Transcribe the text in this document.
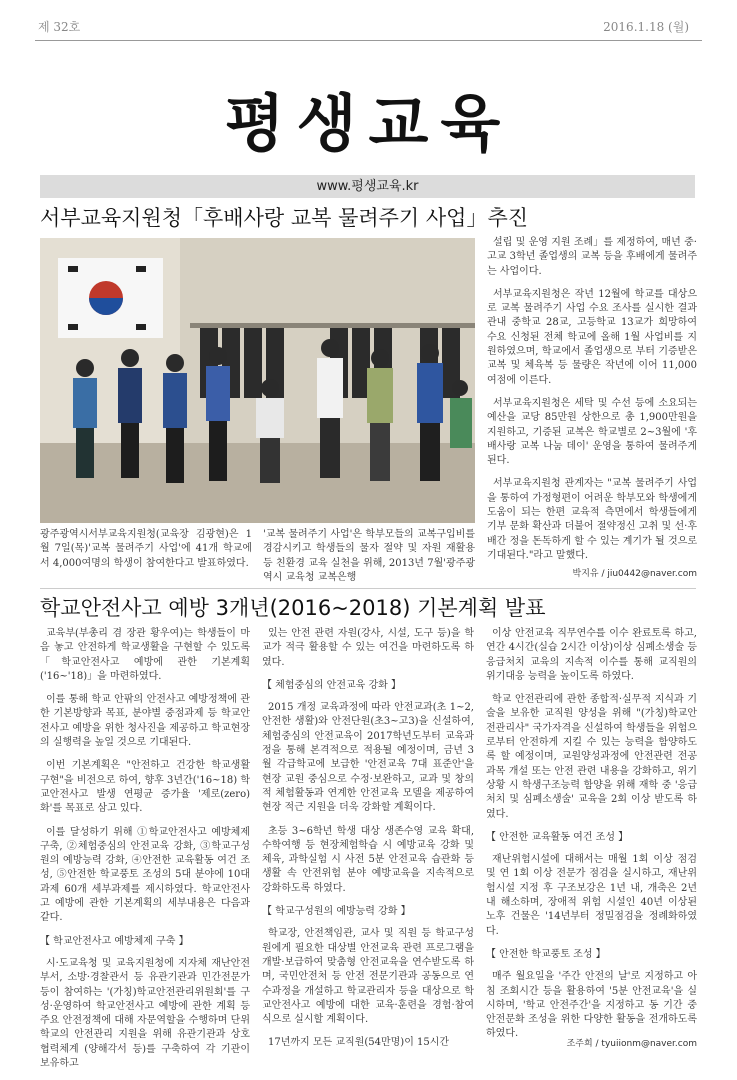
제 32호	2016.1.18 (월)
평생교육
www.평생교육.kr
서부교육지원청「후배사랑 교복 물려주기 사업」추진

광주광역시서부교육지원청(교육장 김광현)은 1월 7일(목)'교복 물려주기 사업'에 41개 학교에서 4,000여명의 학생이 참여한다고 발표하였다.

'교복 물려주기 사업'은 학부모들의 교복구입비를 경감시키고 학생들의 물자 절약 및 자원 재활용 등 친환경 교육 실천을 위해, 2013년 7월'광주광역시 교육청 교복은행

설립 및 운영 지원 조례」를 제정하여, 매년 중·고교 3학년 졸업생의 교복 등을 후배에게 물려주는 사업이다.

서부교육지원청은 작년 12월에 학교를 대상으로 교복 물려주기 사업 수요 조사를 실시한 결과 관내 중학교 28교, 고등학교 13교가 희망하여 수요 신청된 전체 학교에 올해 1월 사업비를 지원하였으며, 학교에서 졸업생으로 부터 기증받은 교복 및 체육복 등 물량은 작년에 이어 11,000여점에 이른다.

서부교육지원청은 세탁 및 수선 등에 소요되는 예산을 교당 85만원 상한으로 총 1,900만원을 지원하고, 기증된 교복은 학교별로 2~3월에 '후배사랑 교복 나눔 데이' 운영을 통하여 물려주게 된다.

서부교육지원청 관계자는 "교복 물려주기 사업을 통하여 가정형편이 어려운 학부모와 학생에게 도움이 되는 한편 교육적 측면에서 학생들에게 기부 문화 확산과 더불어 절약정신 고취 및 선·후배간 정을 돈독하게 할 수 있는 계기가 될 것으로 기대된다."라고 말했다.

박지유 / jiu0442@naver.com
학교안전사고 예방 3개년(2016~2018) 기본계획 발표

교육부(부총리 겸 장관 황우여)는 학생들이 마음 놓고 안전하게 학교생활을 구현할 수 있도록「학교안전사고 예방에 관한 기본계획('16~'18)」을 마련하였다.

이를 통해 학교 안팎의 안전사고 예방정책에 관한 기본방향과 목표, 분야별 중점과제 등 학교안전사고 예방을 위한 청사진을 제공하고 학교현장의 실행력을 높일 것으로 기대된다.

이번 기본계획은 "안전하고 건강한 학교생활 구현"을 비전으로 하여, 향후 3년간('16~18) 학교안전사고 발생 연평균 증가율 '제로(zero)화'를 목표로 삼고 있다.

이를 달성하기 위해 ①학교안전사고 예방체제 구축, ②체험중심의 안전교육 강화, ③학교구성원의 예방능력 강화, ④안전한 교육활동 여건 조성, ⑤안전한 학교풍토 조성의 5대 분야에 10대 과제 60개 세부과제를 제시하였다. 학교안전사고 예방에 관한 기본계획의 세부내용은 다음과 같다.

【 학교안전사고 예방체제 구축 】

시·도교육청 및 교육지원청에 지자체 재난안전 부서, 소방·경찰관서 등 유관기관과 민간전문가 등이 참여하는 '(가칭)학교안전관리위원회'를 구성·운영하여 학교안전사고 예방에 관한 계획 등 주요 안전정책에 대해 자문역할을 수행하며 단위학교의 안전관리 지원을 위해 유관기관과 상호 협력체계 (양해각서 등)를 구축하여 각 기관이 보유하고

있는 안전 관련 자원(강사, 시설, 도구 등)을 학교가 적극 활용할 수 있는 여건을 마련하도록 하였다.

【 체험중심의 안전교육 강화 】

2015 개정 교육과정에 따라 안전교과(초 1~2, 안전한 생활)와 안전단원(초3~고3)을 신설하여, 체험중심의 안전교육이 2017학년도부터 교육과정을 통해 본격적으로 적용될 예정이며, 금년 3월 각급학교에 보급한 '안전교육 7대 표준안'을 현장 교원 중심으로 수정·보완하고, 교과 및 창의적 체험활동과 연계한 안전교육 모델을 제공하여 현장 적근 지원을 더욱 강화할 계획이다.

초등 3~6학년 학생 대상 생존수영 교육 확대, 수학여행 등 현장체험학습 시 예방교육 강화 및 체육, 과학실험 시 사전 5분 안전교육 습관화 등 생활 속 안전위험 분야 예방교육을 지속적으로 강화하도록 하였다.

【 학교구성원의 예방능력 강화 】

학교장, 안전책임관, 교사 및 직원 등 학교구성원에게 필요한 대상별 안전교육 관련 프로그램을 개발·보급하여 맞춤형 안전교육을 연수받도록 하며, 국민안전처 등 안전 전문기관과 공동으로 연수과정을 개설하고 학교관리자 등을 대상으로 학교안전사고 예방에 대한 교육·훈련을 경험·참여식으로 실시할 계획이다.

17년까지 모든 교직원(54만명)이 15시간

이상 안전교육 직무연수를 이수 완료토록 하고, 연간 4시간(실습 2시간 이상)이상 심폐소생술 등 응급처치 교육의 지속적 이수를 통해 교직원의 위기대응 능력을 높이도록 하였다.

학교 안전관리에 관한 종합적·실무적 지식과 기술을 보유한 교직원 양성을 위해 "(가칭)학교안전관리사" 국가자격을 신설하여 학생들을 위험으로부터 안전하게 지킬 수 있는 능력을 함양하도록 할 예정이며, 교원양성과정에 안전관련 전공과목 개설 또는 안전 관련 내용을 강화하고, 위기 상황 시 학생구조능력 함양을 위해 재학 중 '응급처치 및 심폐소생술' 교육을 2회 이상 받도록 하였다.

【 안전한 교육활동 여건 조성 】

재난위험시설에 대해서는 매월 1회 이상 점검 및 연 1회 이상 전문가 점검을 실시하고, 재난위험시설 지정 후 구조보강은 1년 내, 개축은 2년 내 해소하며, 장애적 위험 시설인 40년 이상된 노후 건물은 '14년부터 정밀점검을 정례화하였다.

【 안전한 학교풍토 조성 】

매주 월요일을 '주간 안전의 날'로 지정하고 아침 조회시간 등을 활용하여 '5분 안전교육'을 실시하며, '학교 안전주간'을 지정하고 동 기간 중 안전문화 조성을 위한 다양한 활동을 전개하도록 하였다.

조주희 / tyuiionm@naver.com
